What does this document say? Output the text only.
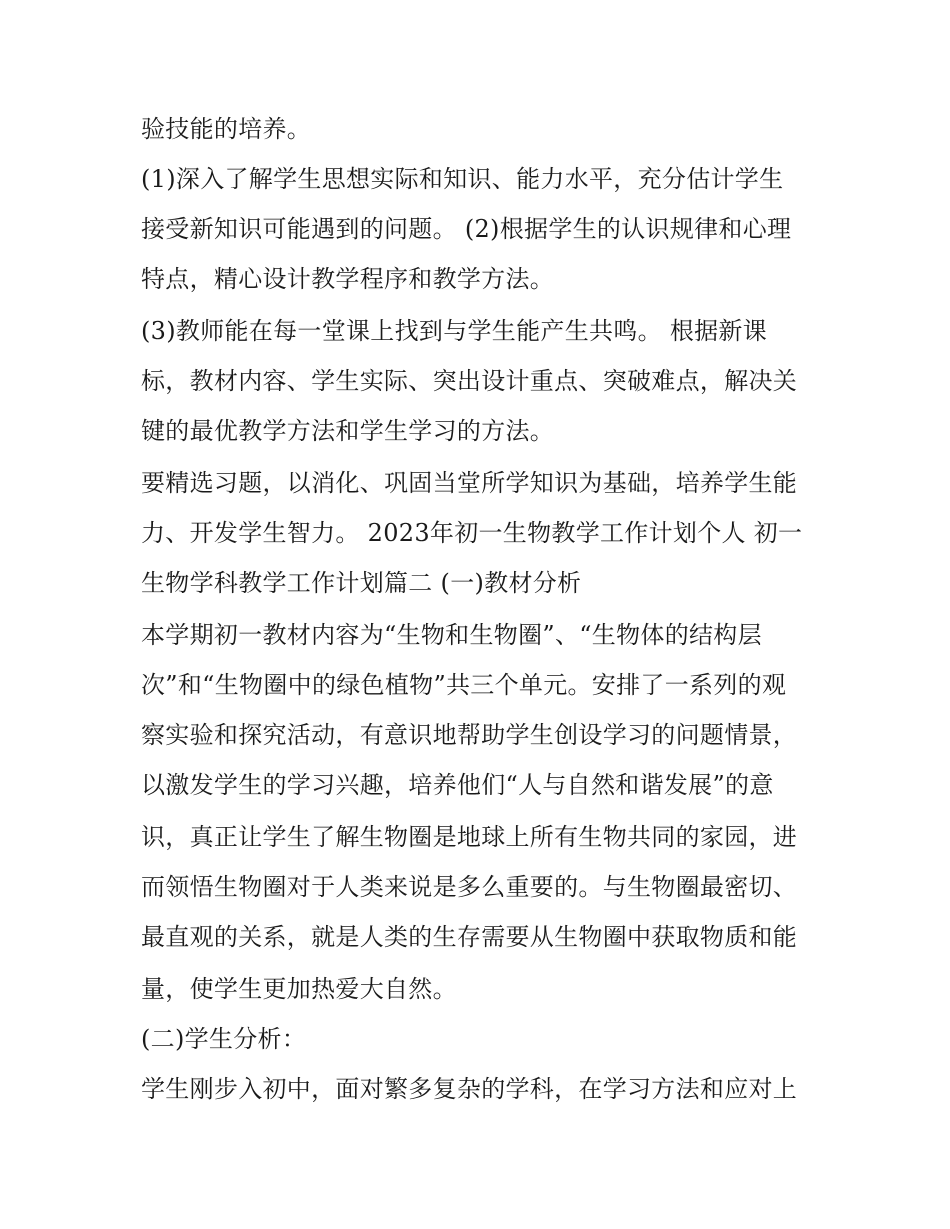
验技能的培养。
(1)深入了解学生思想实际和知识、能力水平，充分估计学生
接受新知识可能遇到的问题。 (2)根据学生的认识规律和心理
特点，精心设计教学程序和教学方法。
(3)教师能在每一堂课上找到与学生能产生共鸣。 根据新课
标，教材内容、学生实际、突出设计重点、突破难点，解决关
键的最优教学方法和学生学习的方法。
要精选习题，以消化、巩固当堂所学知识为基础，培养学生能
力、开发学生智力。 2023年初一生物教学工作计划个人 初一
生物学科教学工作计划篇二 (一)教材分析
本学期初一教材内容为“生物和生物圈”、“生物体的结构层
次”和“生物圈中的绿色植物”共三个单元。安排了一系列的观
察实验和探究活动，有意识地帮助学生创设学习的问题情景，
以激发学生的学习兴趣，培养他们“人与自然和谐发展”的意
识，真正让学生了解生物圈是地球上所有生物共同的家园，进
而领悟生物圈对于人类来说是多么重要的。与生物圈最密切、
最直观的关系，就是人类的生存需要从生物圈中获取物质和能
量，使学生更加热爱大自然。
(二)学生分析：
学生刚步入初中，面对繁多复杂的学科，在学习方法和应对上
